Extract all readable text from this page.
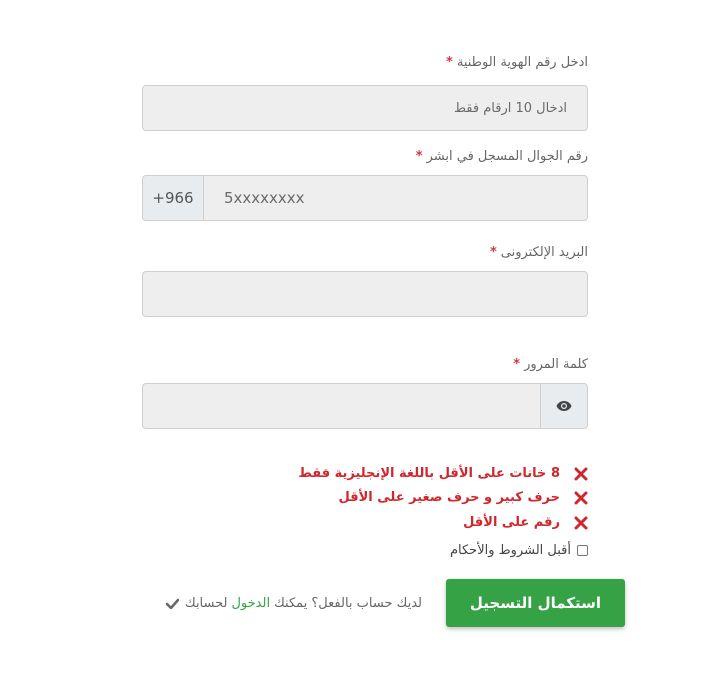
ادخل رقم الهوية الوطنية*
ادخال 10 ارقام فقط
رقم الجوال المسجل في ابشر*
+966
5xxxxxxxx
البريد الإلكترونى*
كلمة المرور*
8 خانات على الأقل باللغة الإنجليزية فقط
حرف كبير و حرف صغير على الأقل
رقم على الأقل
أقبل الشروط والأحكام
استكمال التسجيل
لديك حساب بالفعل؟ يمكنك
الدخول
لحسابك
